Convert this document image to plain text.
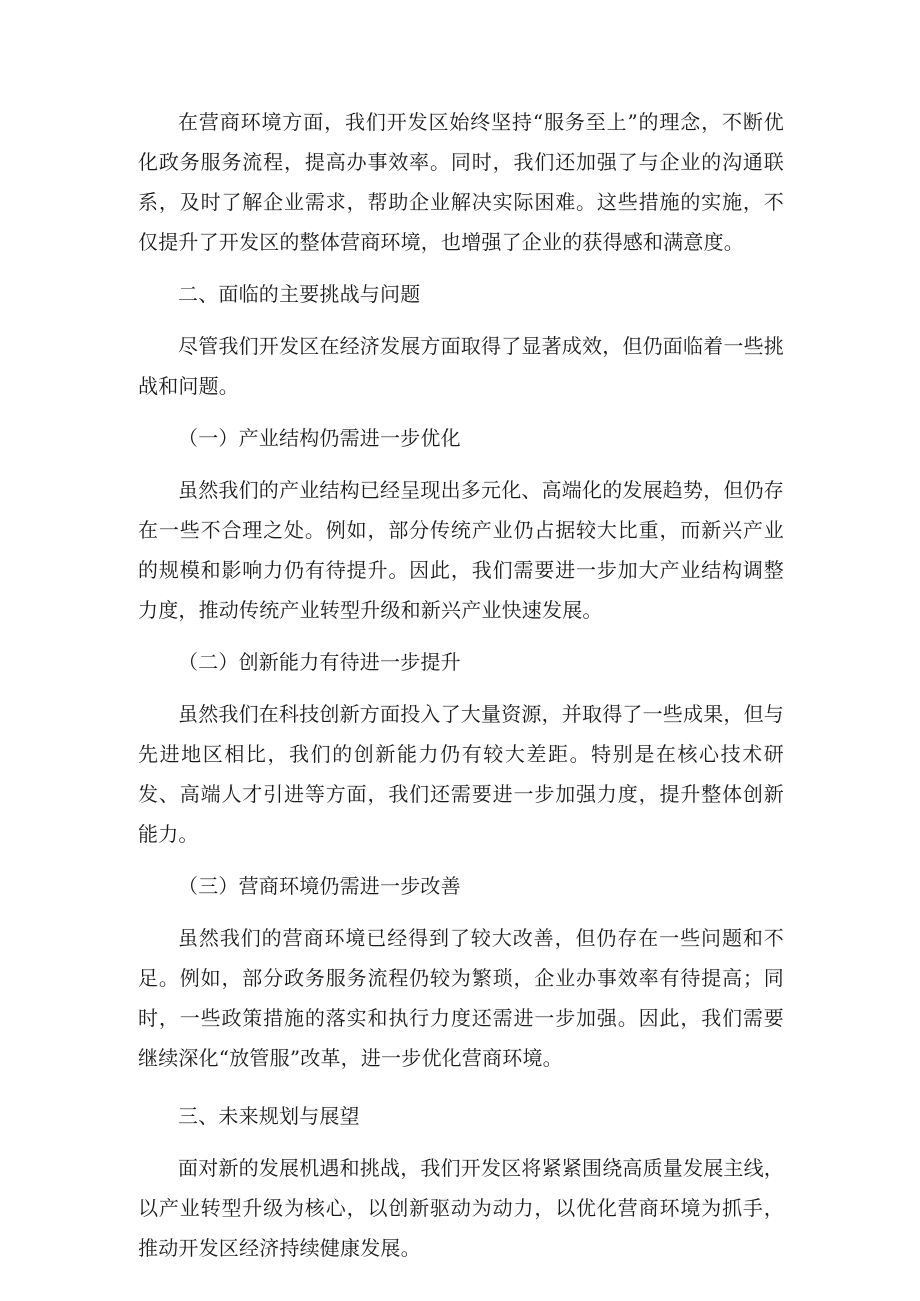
在营商环境方面，我们开发区始终坚持“服务至上”的理念，不断优化政务服务流程，提高办事效率。同时，我们还加强了与企业的沟通联系，及时了解企业需求，帮助企业解决实际困难。这些措施的实施，不仅提升了开发区的整体营商环境，也增强了企业的获得感和满意度。

二、面临的主要挑战与问题

尽管我们开发区在经济发展方面取得了显著成效，但仍面临着一些挑战和问题。

（一）产业结构仍需进一步优化

虽然我们的产业结构已经呈现出多元化、高端化的发展趋势，但仍存在一些不合理之处。例如，部分传统产业仍占据较大比重，而新兴产业的规模和影响力仍有待提升。因此，我们需要进一步加大产业结构调整力度，推动传统产业转型升级和新兴产业快速发展。

（二）创新能力有待进一步提升

虽然我们在科技创新方面投入了大量资源，并取得了一些成果，但与先进地区相比，我们的创新能力仍有较大差距。特别是在核心技术研发、高端人才引进等方面，我们还需要进一步加强力度，提升整体创新能力。

（三）营商环境仍需进一步改善

虽然我们的营商环境已经得到了较大改善，但仍存在一些问题和不足。例如，部分政务服务流程仍较为繁琐，企业办事效率有待提高；同时，一些政策措施的落实和执行力度还需进一步加强。因此，我们需要继续深化“放管服”改革，进一步优化营商环境。

三、未来规划与展望

面对新的发展机遇和挑战，我们开发区将紧紧围绕高质量发展主线，以产业转型升级为核心，以创新驱动为动力，以优化营商环境为抓手，推动开发区经济持续健康发展。
